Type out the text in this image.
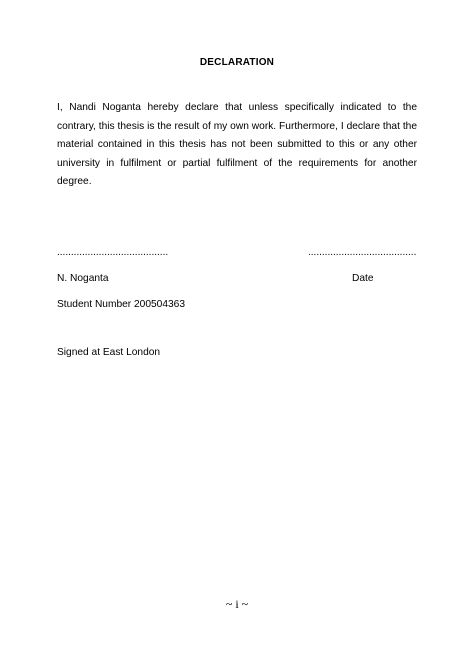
DECLARATION
I, Nandi Noganta hereby declare that unless specifically indicated to the contrary, this thesis is the result of my own work. Furthermore, I declare that the material contained in this thesis has not been submitted to this or any other university in fulfilment or partial fulfilment of the requirements for another degree.
........................................	.......................................
N. Noganta	Date
Student Number 200504363
Signed at East London
~ i ~
